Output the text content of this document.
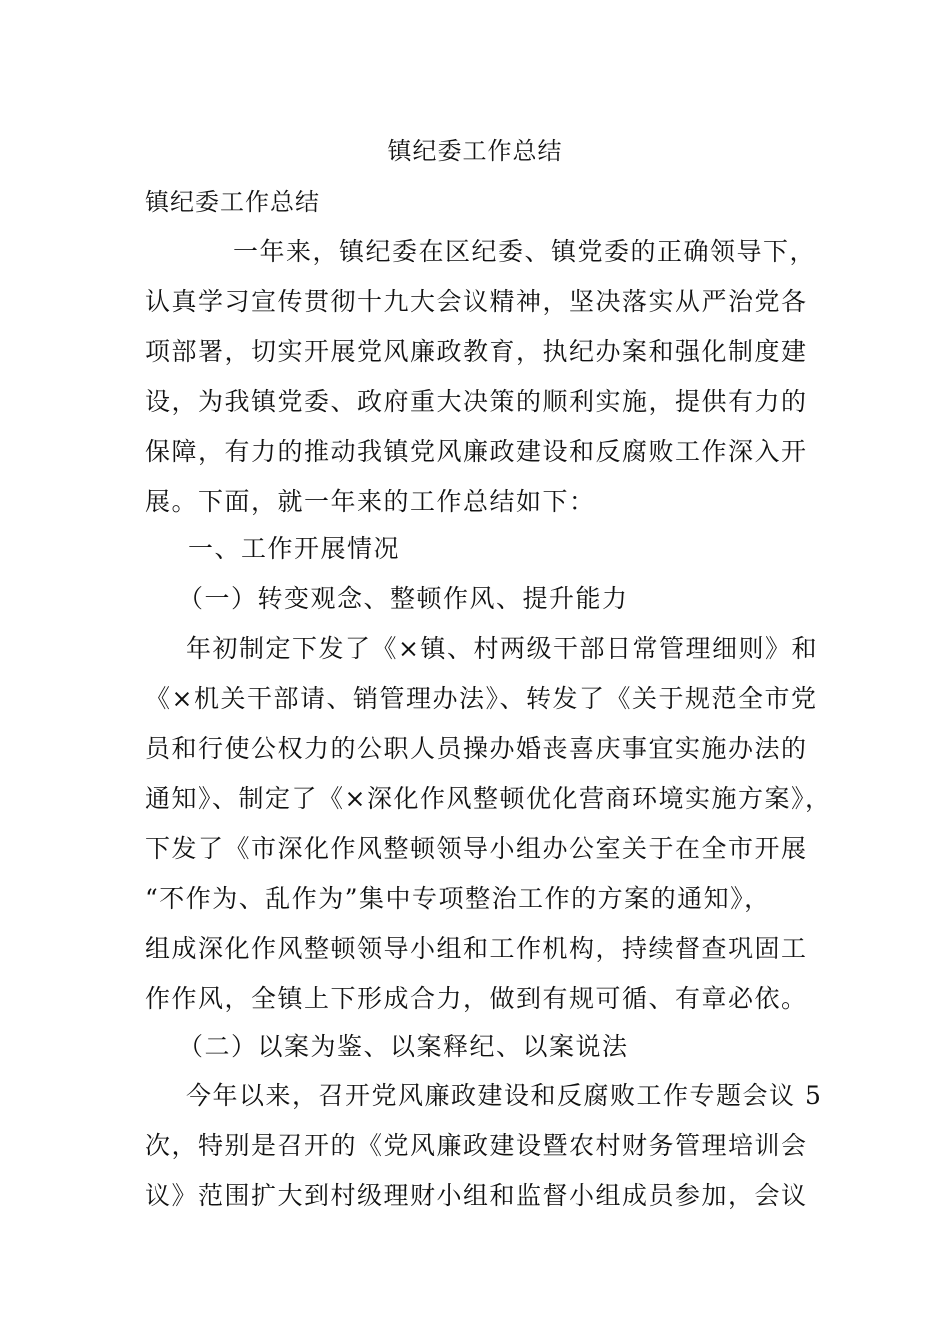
镇纪委工作总结
镇纪委工作总结
一年来，镇纪委在区纪委、镇党委的正确领导下，
认真学习宣传贯彻十九大会议精神，坚决落实从严治党各
项部署，切实开展党风廉政教育，执纪办案和强化制度建
设，为我镇党委、政府重大决策的顺利实施，提供有力的
保障，有力的推动我镇党风廉政建设和反腐败工作深入开
展。下面，就一年来的工作总结如下：
一、工作开展情况
（一）转变观念、整顿作风、提升能力
年初制定下发了《×镇、村两级干部日常管理细则》和
《×机关干部请、销管理办法》、转发了《关于规范全市党
员和行使公权力的公职人员操办婚丧喜庆事宜实施办法的
通知》、制定了《×深化作风整顿优化营商环境实施方案》，
下发了《市深化作风整顿领导小组办公室关于在全市开展
“不作为、乱作为”集中专项整治工作的方案的通知》，
组成深化作风整顿领导小组和工作机构，持续督查巩固工
作作风，全镇上下形成合力，做到有规可循、有章必依。
（二）以案为鉴、以案释纪、以案说法
今年以来，召开党风廉政建设和反腐败工作专题会议 5
次，特别是召开的《党风廉政建设暨农村财务管理培训会
议》范围扩大到村级理财小组和监督小组成员参加，会议
